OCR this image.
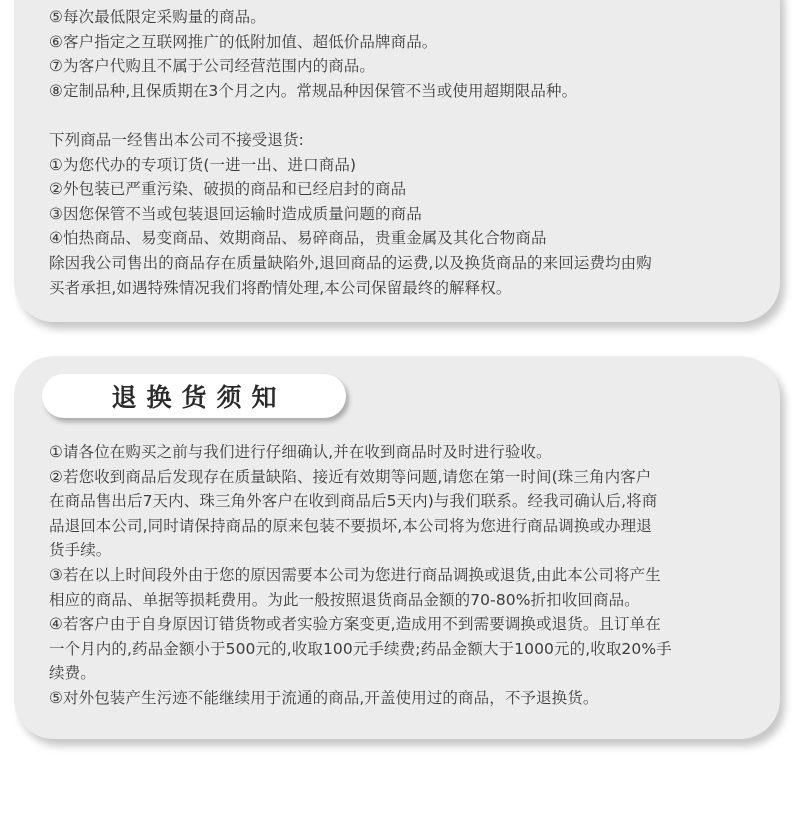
⑤每次最低限定采购量的商品。
⑥客户指定之互联网推广的低附加值、超低价品牌商品。
⑦为客户代购且不属于公司经营范围内的商品。
⑧定制品种,且保质期在3个月之内。常规品种因保管不当或使用超期限品种。
下列商品一经售出本公司不接受退货:
①为您代办的专项订货(一进一出、进口商品)
②外包装已严重污染、破损的商品和已经启封的商品
③因您保管不当或包装退回运输时造成质量问题的商品
④怕热商品、易变商品、效期商品、易碎商品，贵重金属及其化合物商品
除因我公司售出的商品存在质量缺陷外,退回商品的运费,以及换货商品的来回运费均由购
买者承担,如遇特殊情况我们将酌情处理,本公司保留最终的解释权。
退换货须知
①请各位在购买之前与我们进行仔细确认,并在收到商品时及时进行验收。
②若您收到商品后发现存在质量缺陷、接近有效期等问题,请您在第一时间(珠三角内客户
在商品售出后7天内、珠三角外客户在收到商品后5天内)与我们联系。经我司确认后,将商
品退回本公司,同时请保持商品的原来包装不要损坏,本公司将为您进行商品调换或办理退
货手续。
③若在以上时间段外由于您的原因需要本公司为您进行商品调换或退货,由此本公司将产生
相应的商品、单据等损耗费用。为此一般按照退货商品金额的70-80%折扣收回商品。
④若客户由于自身原因订错货物或者实验方案变更,造成用不到需要调换或退货。且订单在
一个月内的,药品金额小于500元的,收取100元手续费;药品金额大于1000元的,收取20%手
续费。
⑤对外包装产生污迹不能继续用于流通的商品,开盖使用过的商品，不予退换货。
